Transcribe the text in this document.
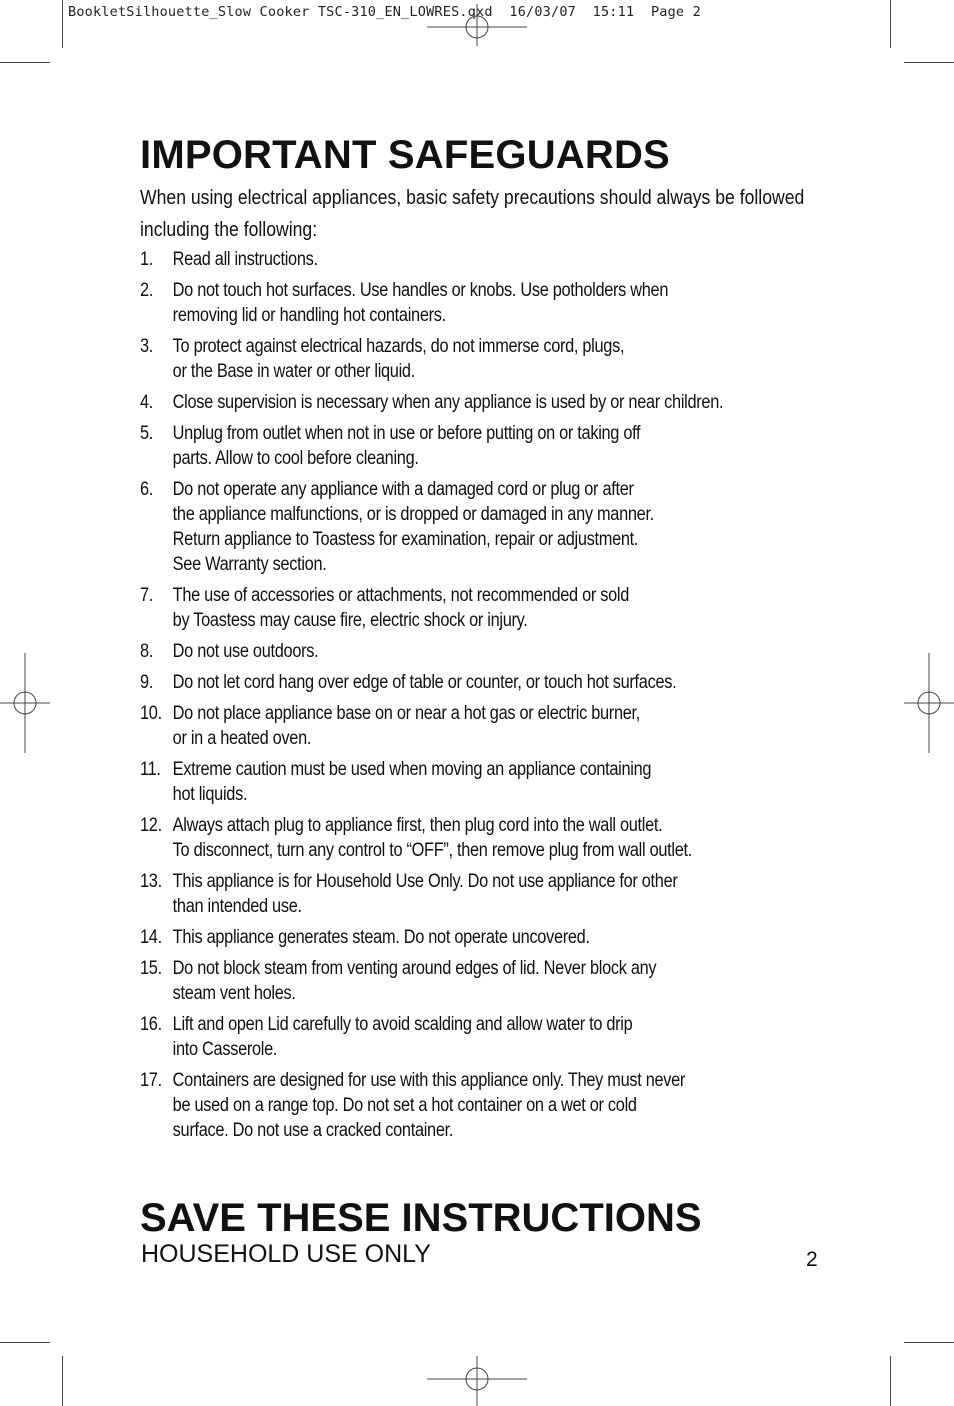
BookletSilhouette_Slow Cooker TSC-310_EN_LOWRES.qxd  16/03/07  15:11  Page 2
IMPORTANT SAFEGUARDS

When using electrical appliances, basic safety precautions should always be followed including the following:

1. Read all instructions.
2. Do not touch hot surfaces. Use handles or knobs. Use potholders when
removing lid or handling hot containers.
3. To protect against electrical hazards, do not immerse cord, plugs,
or the Base in water or other liquid.
4. Close supervision is necessary when any appliance is used by or near children.
5. Unplug from outlet when not in use or before putting on or taking off
parts. Allow to cool before cleaning.
6. Do not operate any appliance with a damaged cord or plug or after
the appliance malfunctions, or is dropped or damaged in any manner.
Return appliance to Toastess for examination, repair or adjustment.
See Warranty section.
7. The use of accessories or attachments, not recommended or sold
by Toastess may cause fire, electric shock or injury.
8. Do not use outdoors.
9. Do not let cord hang over edge of table or counter, or touch hot surfaces.
10. Do not place appliance base on or near a hot gas or electric burner,
or in a heated oven.
11. Extreme caution must be used when moving an appliance containing
hot liquids.
12. Always attach plug to appliance first, then plug cord into the wall outlet.
To disconnect, turn any control to “OFF”, then remove plug from wall outlet.
13. This appliance is for Household Use Only. Do not use appliance for other
than intended use.
14. This appliance generates steam. Do not operate uncovered.
15. Do not block steam from venting around edges of lid. Never block any
steam vent holes.
16. Lift and open Lid carefully to avoid scalding and allow water to drip
into Casserole.
17. Containers are designed for use with this appliance only. They must never
be used on a range top. Do not set a hot container on a wet or cold
surface. Do not use a cracked container.
SAVE THESE INSTRUCTIONS
HOUSEHOLD USE ONLY	2
